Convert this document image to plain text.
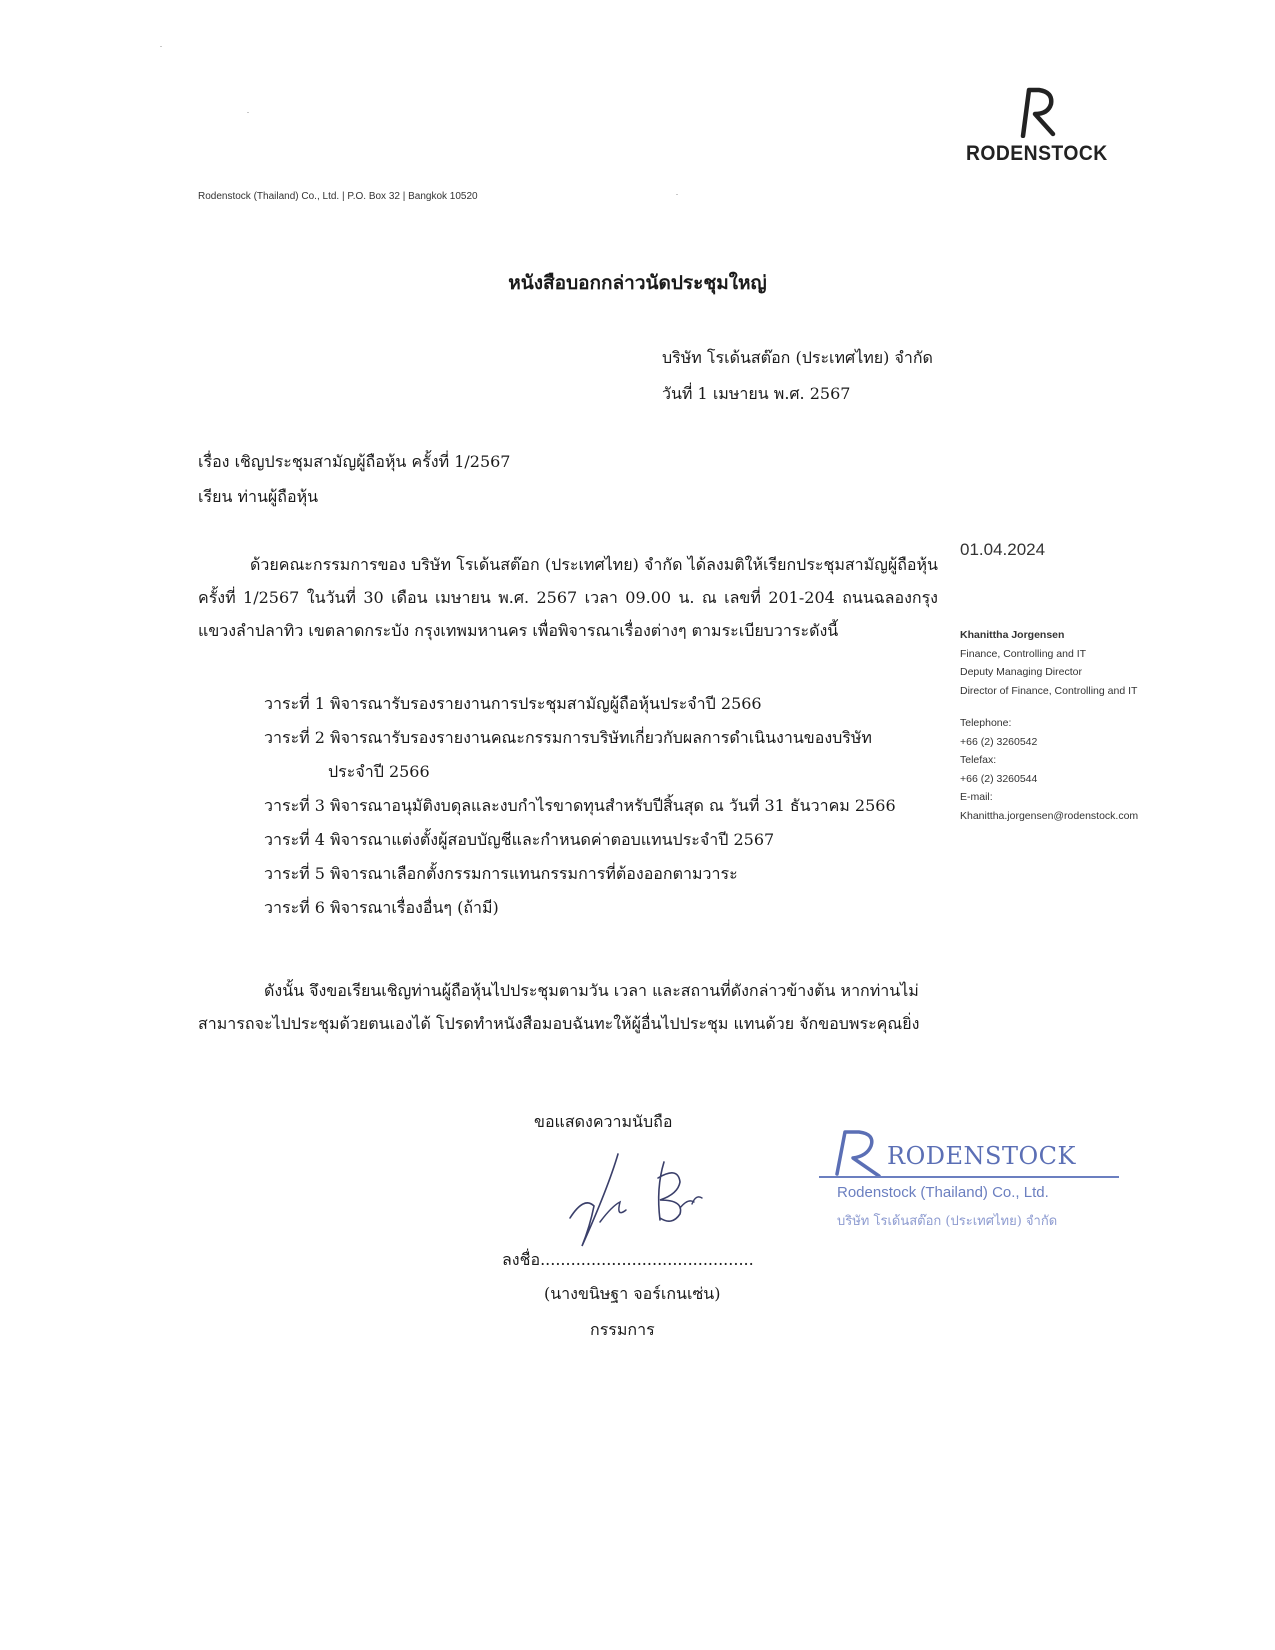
RODENSTOCK
Rodenstock (Thailand) Co., Ltd. | P.O. Box 32 | Bangkok 10520
หนังสือบอกกล่าวนัดประชุมใหญ่
บริษัท โรเด้นสต๊อก (ประเทศไทย) จำกัด
วันที่ 1 เมษายน พ.ศ. 2567
เรื่อง เชิญประชุมสามัญผู้ถือหุ้น ครั้งที่ 1/2567
เรียน ท่านผู้ถือหุ้น
ด้วยคณะกรรมการของ บริษัท โรเด้นสต๊อก (ประเทศไทย) จำกัด ได้ลงมติให้เรียกประชุมสามัญผู้ถือหุ้น ครั้งที่ 1/2567 ในวันที่ 30 เดือน เมษายน พ.ศ. 2567 เวลา 09.00 น. ณ เลขที่ 201-204 ถนนฉลองกรุง แขวงลำปลาทิว เขตลาดกระบัง กรุงเทพมหานคร เพื่อพิจารณาเรื่องต่างๆ ตามระเบียบวาระดังนี้
วาระที่ 1 พิจารณารับรองรายงานการประชุมสามัญผู้ถือหุ้นประจำปี 2566
วาระที่ 2 พิจารณารับรองรายงานคณะกรรมการบริษัทเกี่ยวกับผลการดำเนินงานของบริษัท
ประจำปี 2566
วาระที่ 3 พิจารณาอนุมัติงบดุลและงบกำไรขาดทุนสำหรับปีสิ้นสุด ณ วันที่ 31 ธันวาคม 2566
วาระที่ 4 พิจารณาแต่งตั้งผู้สอบบัญชีและกำหนดค่าตอบแทนประจำปี 2567
วาระที่ 5 พิจารณาเลือกตั้งกรรมการแทนกรรมการที่ต้องออกตามวาระ
วาระที่ 6 พิจารณาเรื่องอื่นๆ (ถ้ามี)
ดังนั้น จึงขอเรียนเชิญท่านผู้ถือหุ้นไปประชุมตามวัน เวลา และสถานที่ดังกล่าวข้างต้น หากท่านไม่สามารถจะไปประชุมด้วยตนเองได้ โปรดทำหนังสือมอบฉันทะให้ผู้อื่นไปประชุม แทนด้วย จักขอบพระคุณยิ่ง
ขอแสดงความนับถือ
ลงชื่อ..........................................
(นางขนิษฐา จอร์เกนเซ่น)
กรรมการ
RODENSTOCK
Rodenstock (Thailand) Co., Ltd.
บริษัท โรเด้นสต๊อก (ประเทศไทย) จำกัด
01.04.2024
Khanittha Jorgensen
Finance, Controlling and IT
Deputy Managing Director
Director of Finance, Controlling and IT
Telephone:
+66 (2) 3260542
Telefax:
+66 (2) 3260544
E-mail:
Khanittha.jorgensen@rodenstock.com
